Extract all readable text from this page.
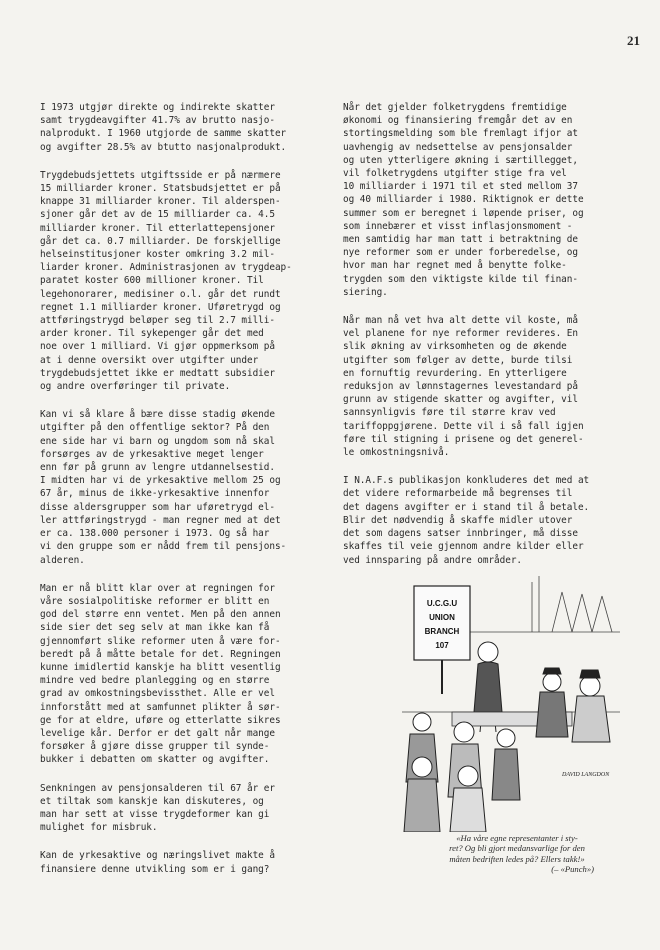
21

I 1973 utgjør direkte og indirekte skatter
samt trygdeavgifter 41.7% av brutto nasjo-
nalprodukt. I 1960 utgjorde de samme skatter
og avgifter 28.5% av btutto nasjonalprodukt.

Trygdebudsjettets utgiftsside er på nærmere
15 milliarder kroner. Statsbudsjettet er på
knappe 31 milliarder kroner. Til alderspen-
sjoner går det av de 15 milliarder ca. 4.5
milliarder kroner. Til etterlattepensjoner
går det ca. 0.7 milliarder. De forskjellige
helseinstitusjoner koster omkring 3.2 mil-
liarder kroner. Administrasjonen av trygdeap-
paratet koster 600 millioner kroner. Til
legehonorarer, medisiner o.l. går det rundt
regnet 1.1 milliarder kroner. Uføretrygd og
attføringstrygd beløper seg til 2.7 milli-
arder kroner. Til sykepenger går det med
noe over 1 milliard. Vi gjør oppmerksom på
at i denne oversikt over utgifter under
trygdebudsjettet ikke er medtatt subsidier
og andre overføringer til private.

Kan vi så klare å bære disse stadig økende
utgifter på den offentlige sektor? På den
ene side har vi barn og ungdom som nå skal
forsørges av de yrkesaktive meget lenger
enn før på grunn av lengre utdannelsestid.
I midten har vi de yrkesaktive mellom 25 og
67 år, minus de ikke-yrkesaktive innenfor
disse aldersgrupper som har uføretrygd el-
ler attføringstrygd - man regner med at det
er ca. 138.000 personer i 1973. Og så har
vi den gruppe som er nådd frem til pensjons-
alderen.

Man er nå blitt klar over at regningen for
våre sosialpolitiske reformer er blitt en
god del større enn ventet. Men på den annen
side sier det seg selv at man ikke kan få
gjennomført slike reformer uten å være for-
beredt på å måtte betale for det. Regningen
kunne imidlertid kanskje ha blitt vesentlig
mindre ved bedre planlegging og en større
grad av omkostningsbevissthet. Alle er vel
innforstått med at samfunnet plikter å sør-
ge for at eldre, uføre og etterlatte sikres
levelige kår. Derfor er det galt når mange
forsøker å gjøre disse grupper til synde-
bukker i debatten om skatter og avgifter.

Senkningen av pensjonsalderen til 67 år er
et tiltak som kanskje kan diskuteres, og
man har sett at visse trygdeformer kan gi
mulighet for misbruk.

Kan de yrkesaktive og næringslivet makte å
finansiere denne utvikling som er i gang?

Når det gjelder folketrygdens fremtidige
økonomi og finansiering fremgår det av en
stortingsmelding som ble fremlagt ifjor at
uavhengig av nedsettelse av pensjonsalder
og uten ytterligere økning i særtillegget,
vil folketrygdens utgifter stige fra vel
10 milliarder i 1971 til et sted mellom 37
og 40 milliarder i 1980. Riktignok er dette
summer som er beregnet i løpende priser, og
som innebærer et visst inflasjonsmoment -
men samtidig har man tatt i betraktning de
nye reformer som er under forberedelse, og
hvor man har regnet med å benytte folke-
trygden som den viktigste kilde til finan-
siering.

Når man nå vet hva alt dette vil koste, må
vel planene for nye reformer revideres. En
slik økning av virksomheten og de økende
utgifter som følger av dette, burde tilsi
en fornuftig revurdering. En ytterligere
reduksjon av lønnstagernes levestandard på
grunn av stigende skatter og avgifter, vil
sannsynligvis føre til større krav ved
tariffoppgjørene. Dette vil i så fall igjen
føre til stigning i prisene og det generel-
le omkostningsnivå.

I N.A.F.s publikasjon konkluderes det med at
det videre reformarbeide må begrenses til
det dagens avgifter er i stand til å betale.
Blir det nødvendig å skaffe midler utover
det som dagens satser innbringer, må disse
skaffes til veie gjennom andre kilder eller
ved innsparing på andre områder.

U.C.G.U
UNION
BRANCH
107
DAVID LANGDON
«Ha våre egne representanter i sty-
ret? Og bli gjort medansvarlige for den
måten bedriften ledes på? Ellers takk!»
(– «Punch»)
